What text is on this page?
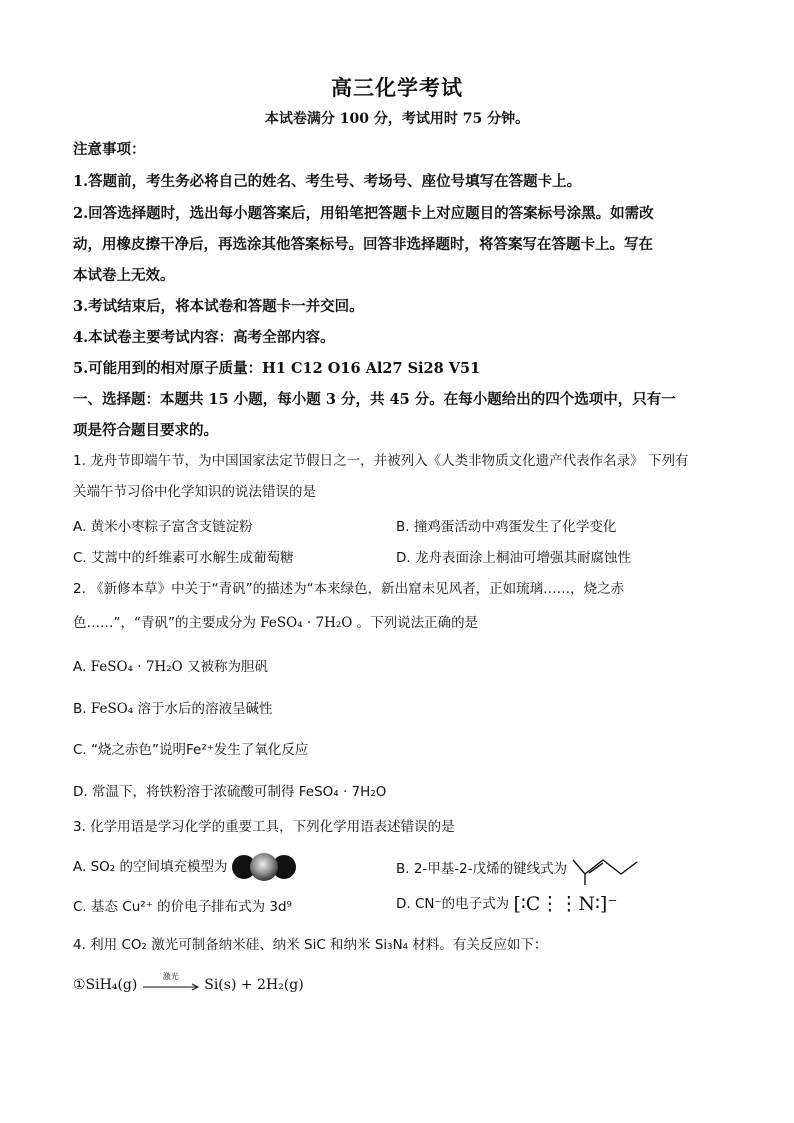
高三化学考试
本试卷满分 100 分，考试用时 75 分钟。
注意事项：
1.答题前，考生务必将自己的姓名、考生号、考场号、座位号填写在答题卡上。
2.回答选择题时，选出每小题答案后，用铅笔把答题卡上对应题目的答案标号涂黑。如需改
动，用橡皮擦干净后，再选涂其他答案标号。回答非选择题时，将答案写在答题卡上。写在
本试卷上无效。
3.考试结束后，将本试卷和答题卡一并交回。
4.本试卷主要考试内容：高考全部内容。
5.可能用到的相对原子质量：H1 C12 O16 Al27 Si28 V51
一、选择题：本题共 15 小题，每小题 3 分，共 45 分。在每小题给出的四个选项中，只有一
项是符合题目要求的。
1. 龙舟节即端午节，为中国国家法定节假日之一，并被列入《人类非物质文化遗产代表作名录》 下列有
关端午节习俗中化学知识的说法错误的是
A. 黄米小枣粽子富含支链淀粉	B. 撞鸡蛋活动中鸡蛋发生了化学变化
C. 艾蒿中的纤维素可水解生成葡萄糖	D. 龙舟表面涂上桐油可增强其耐腐蚀性
2. 《新修本草》中关于“青矾”的描述为“本来绿色，新出窟未见风者，正如琉璃……，烧之赤
色……”，“青矾”的主要成分为 FeSO₄ · 7H₂O 。下列说法正确的是
A. FeSO₄ · 7H₂O 又被称为胆矾
B. FeSO₄ 溶于水后的溶液呈碱性
C. “烧之赤色”说明Fe²⁺发生了氧化反应
D. 常温下，将铁粉溶于浓硫酸可制得 FeSO₄ · 7H₂O
3. 化学用语是学习化学的重要工具，下列化学用语表述错误的是
A. SO₂ 的空间填充模型为	B. 2-甲基-2-戊烯的键线式为
C. 基态 Cu²⁺ 的价电子排布式为 3d⁹	D. CN⁻的电子式为 [∶C⋮⋮N∶]⁻
4. 利用 CO₂ 激光可制备纳米硅、纳米 SiC 和纳米 Si₃N₄ 材料。有关反应如下：
①SiH₄(g)
激光
Si(s) + 2H₂(g)
